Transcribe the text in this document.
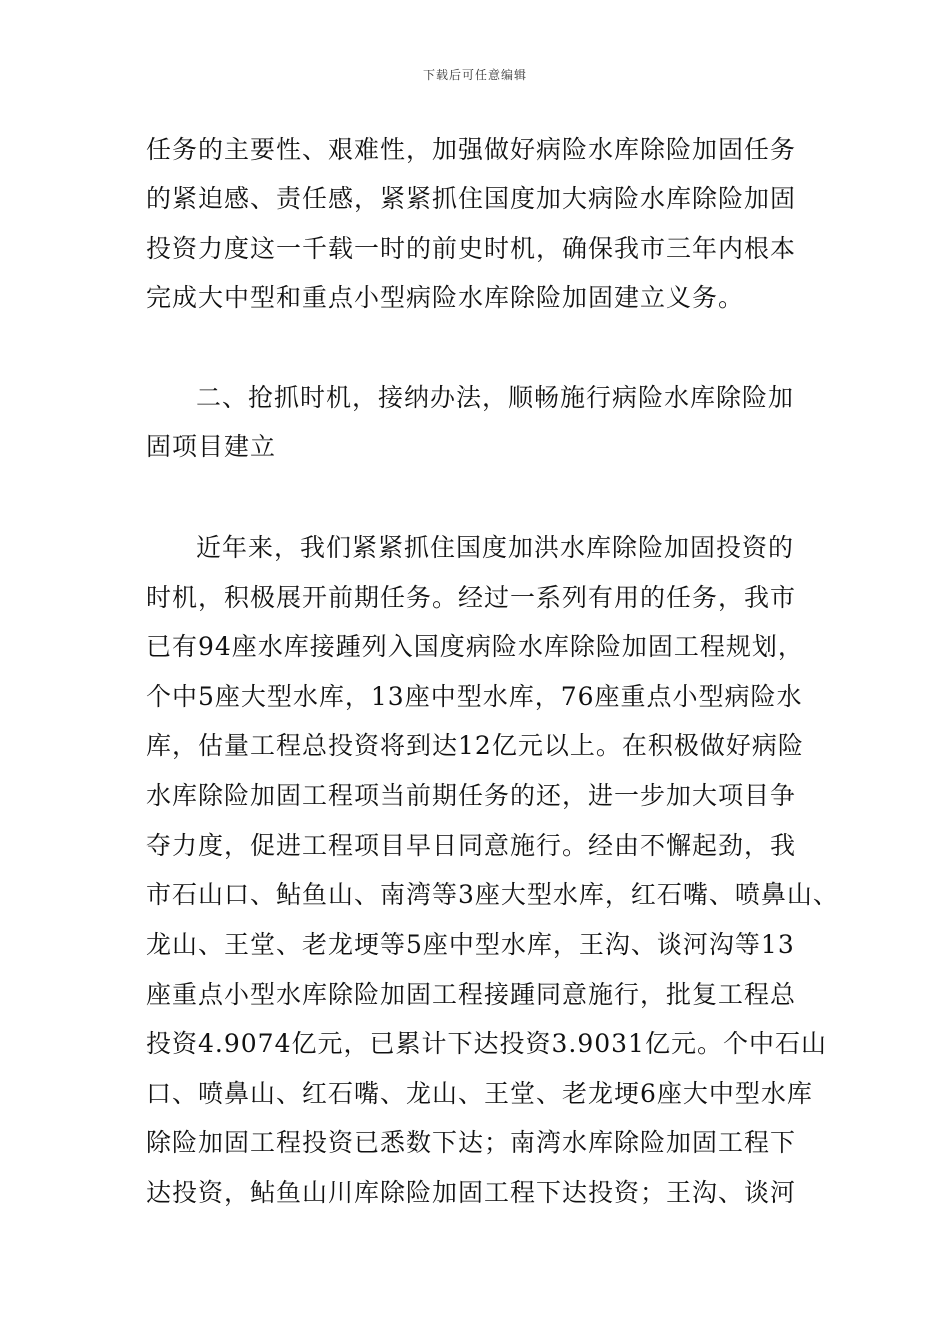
下载后可任意编辑
任务的主要性、艰难性，加强做好病险水库除险加固任务
的紧迫感、责任感，紧紧抓住国度加大病险水库除险加固
投资力度这一千载一时的前史时机，确保我市三年内根本
完成大中型和重点小型病险水库除险加固建立义务。
二、抢抓时机，接纳办法，顺畅施行病险水库除险加
固项目建立
近年来，我们紧紧抓住国度加洪水库除险加固投资的
时机，积极展开前期任务。经过一系列有用的任务，我市
已有94座水库接踵列入国度病险水库除险加固工程规划，
个中5座大型水库，13座中型水库，76座重点小型病险水
库，估量工程总投资将到达12亿元以上。在积极做好病险
水库除险加固工程项当前期任务的还，进一步加大项目争
夺力度，促进工程项目早日同意施行。经由不懈起劲，我
市石山口、鲇鱼山、南湾等3座大型水库，红石嘴、喷鼻山、
龙山、王堂、老龙埂等5座中型水库，王沟、谈河沟等13
座重点小型水库除险加固工程接踵同意施行，批复工程总
投资4.9074亿元，已累计下达投资3.9031亿元。个中石山
口、喷鼻山、红石嘴、龙山、王堂、老龙埂6座大中型水库
除险加固工程投资已悉数下达；南湾水库除险加固工程下
达投资，鲇鱼山川库除险加固工程下达投资；王沟、谈河
